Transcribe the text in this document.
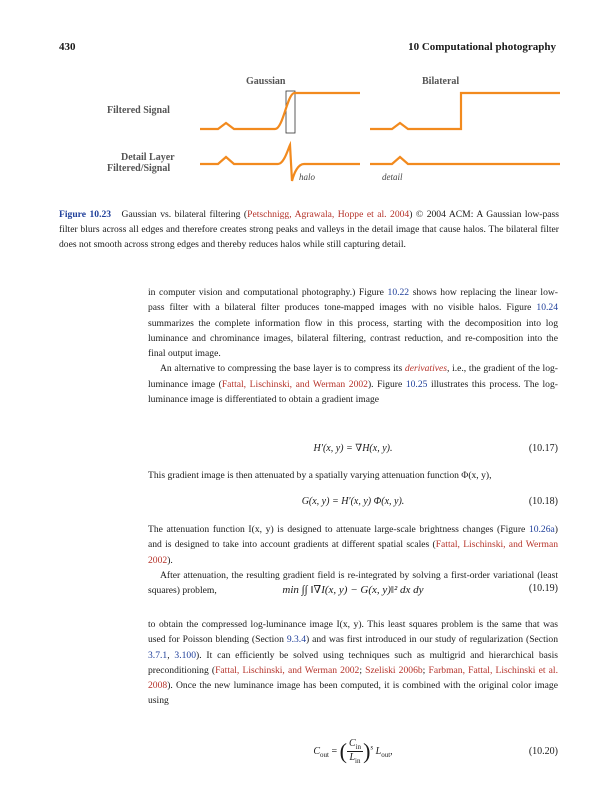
430	10 Computational photography
Gaussian	Bilateral
Filtered Signal
Detail Layer
Filtered/Signal
halo	detail
Figure 10.23 Gaussian vs. bilateral filtering (Petschnigg, Agrawala, Hoppe et al. 2004) © 2004 ACM: A Gaussian low-pass filter blurs across all edges and therefore creates strong peaks and valleys in the detail image that cause halos. The bilateral filter does not smooth across strong edges and thereby reduces halos while still capturing detail.

in computer vision and computational photography.) Figure 10.22 shows how replacing the linear low-pass filter with a bilateral filter produces tone-mapped images with no visible halos. Figure 10.24 summarizes the complete information flow in this process, starting with the decomposition into log luminance and chrominance images, bilateral filtering, contrast reduction, and re-composition into the final output image.

An alternative to compressing the base layer is to compress its derivatives, i.e., the gradient of the log-luminance image (Fattal, Lischinski, and Werman 2002). Figure 10.25 illustrates this process. The log-luminance image is differentiated to obtain a gradient image

H′(x, y) = ∇H(x, y).	(10.17)

This gradient image is then attenuated by a spatially varying attenuation function Φ(x, y),

G(x, y) = H′(x, y) Φ(x, y).	(10.18)

The attenuation function I(x, y) is designed to attenuate large-scale brightness changes (Figure 10.26a) and is designed to take into account gradients at different spatial scales (Fattal, Lischinski, and Werman 2002).

After attenuation, the resulting gradient field is re-integrated by solving a first-order variational (least squares) problem,	min ∫∫ ‖∇I(x, y) − G(x, y)‖² dx dy	(10.19)

to obtain the compressed log-luminance image I(x, y). This least squares problem is the same that was used for Poisson blending (Section 9.3.4) and was first introduced in our study of regularization (Section 3.7.1, 3.100). It can efficiently be solved using techniques such as multigrid and hierarchical basis preconditioning (Fattal, Lischinski, and Werman 2002; Szeliski 2006b; Farbman, Fattal, Lischinski et al. 2008). Once the new luminance image has been computed, it is combined with the original color image using

$C_{out}$ = ( $\frac{C_{in}}{L_{in}} )^s$ $L_{out}$,	(10.20)
